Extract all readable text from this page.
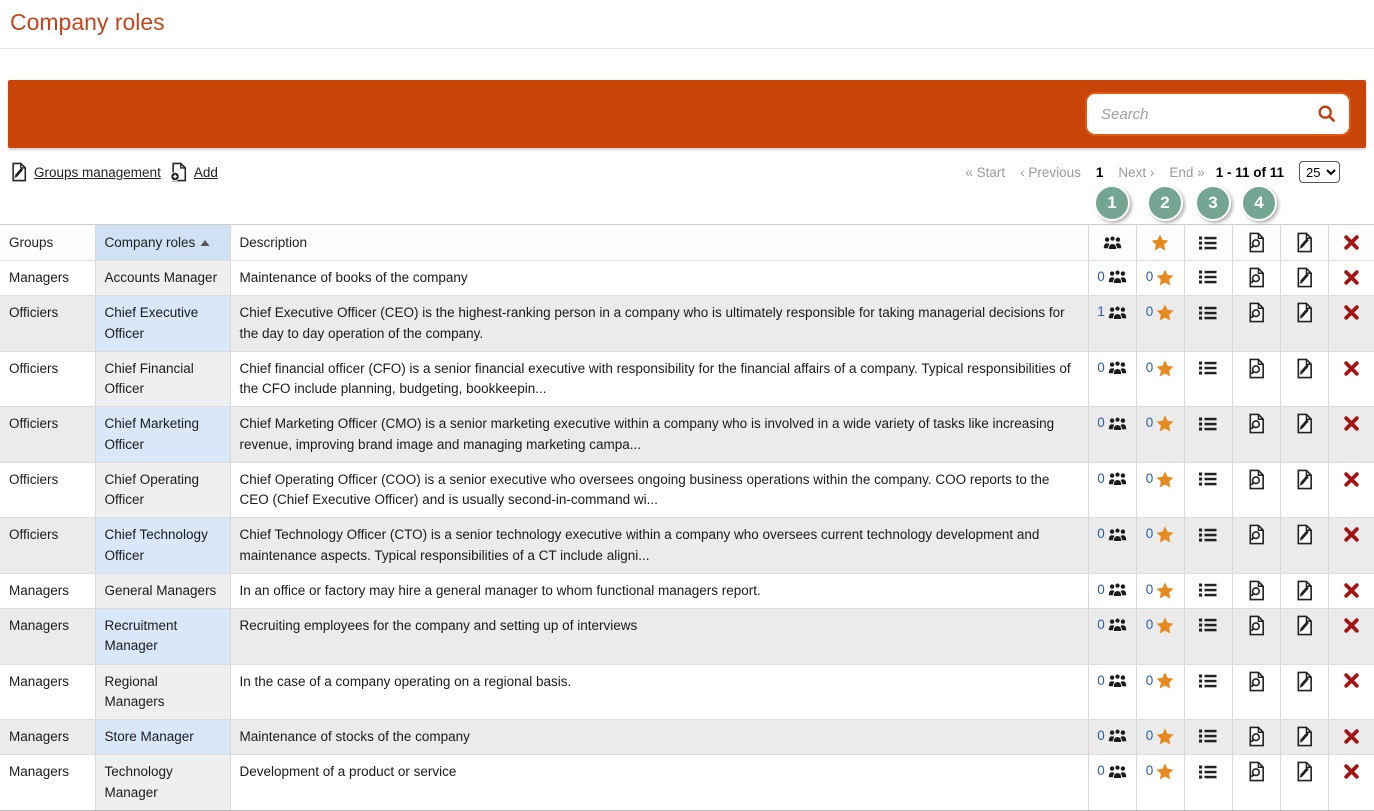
Company roles
Search
Groups management Add	« Start ‹ Previous 1 Next › End » 1 - 11 of 11
25
1	2	3	4
Groups	Company roles	Description						
Managers	Accounts Manager	Maintenance of books of the company	0	0				
Officiers	Chief Executive Officer	Chief Executive Officer (CEO) is the highest-ranking person in a company who is ultimately responsible for taking managerial decisions for the day to day operation of the company.	1	0				
Officiers	Chief Financial Officer	Chief financial officer (CFO) is a senior financial executive with responsibility for the financial affairs of a company. Typical responsibilities of the CFO include planning, budgeting, bookkeepin...	0	0				
Officiers	Chief Marketing Officer	Chief Marketing Officer (CMO) is a senior marketing executive within a company who is involved in a wide variety of tasks like increasing revenue, improving brand image and managing marketing campa...	0	0				
Officiers	Chief Operating Officer	Chief Operating Officer (COO) is a senior executive who oversees ongoing business operations within the company. COO reports to the CEO (Chief Executive Officer) and is usually second-in-command wi...	0	0				
Officiers	Chief Technology Officer	Chief Technology Officer (CTO) is a senior technology executive within a company who oversees current technology development and maintenance aspects. Typical responsibilities of a CT include aligni...	0	0				
Managers	General Managers	In an office or factory may hire a general manager to whom functional managers report.	0	0				
Managers	Recruitment Manager	Recruiting employees for the company and setting up of interviews	0	0				
Managers	Regional Managers	In the case of a company operating on a regional basis.	0	0				
Managers	Store Manager	Maintenance of stocks of the company	0	0				
Managers	Technology Manager	Development of a product or service	0	0				
